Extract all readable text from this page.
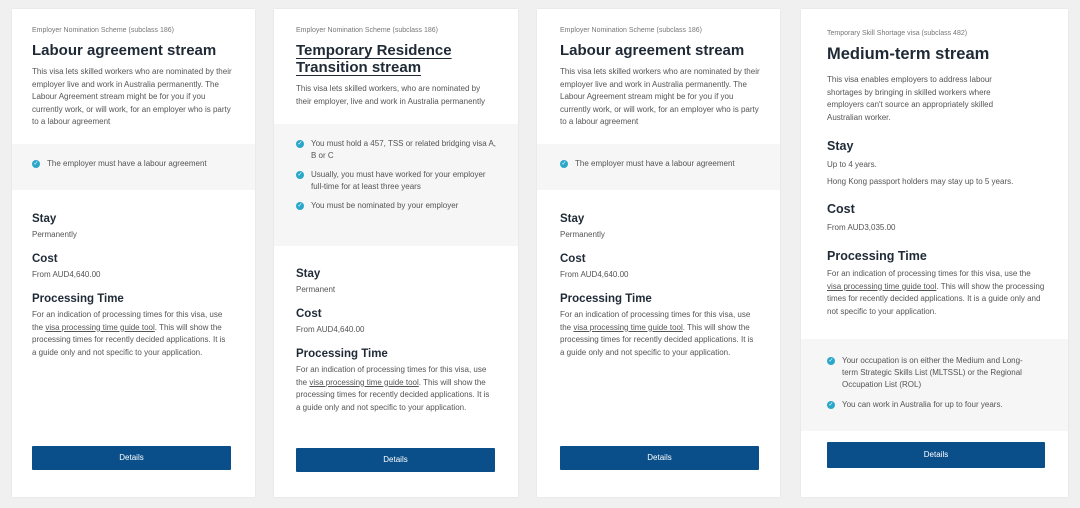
Employer Nomination Scheme (subclass 186)

Labour agreement stream

This visa lets skilled workers who are nominated by their employer live and work in Australia permanently. The Labour Agreement stream might be for you if you currently work, or will work, for an employer who is party to a labour agreement

✓ The employer must have a labour agreement
Stay

Permanently

Cost

From AUD4,640.00

Processing Time

For an indication of processing times for this visa, use the visa processing time guide tool. This will show the processing times for recently decided applications. It is a guide only and not specific to your application.

Details

Employer Nomination Scheme (subclass 186)

Temporary Residence Transition stream

This visa lets skilled workers, who are nominated by their employer, live and work in Australia permanently

✓ You must hold a 457, TSS or related bridging visa A, B or C
✓ Usually, you must have worked for your employer full-time for at least three years
✓ You must be nominated by your employer
Stay

Permanent

Cost

From AUD4,640.00

Processing Time

For an indication of processing times for this visa, use the visa processing time guide tool. This will show the processing times for recently decided applications. It is a guide only and not specific to your application.

Details

Employer Nomination Scheme (subclass 186)

Labour agreement stream

This visa lets skilled workers who are nominated by their employer live and work in Australia permanently. The Labour Agreement stream might be for you if you currently work, or will work, for an employer who is party to a labour agreement

✓ The employer must have a labour agreement
Stay

Permanently

Cost

From AUD4,640.00

Processing Time

For an indication of processing times for this visa, use the visa processing time guide tool. This will show the processing times for recently decided applications. It is a guide only and not specific to your application.

Details

Temporary Skill Shortage visa (subclass 482)

Medium-term stream

This visa enables employers to address labour shortages by bringing in skilled workers where employers can't source an appropriately skilled Australian worker.

Stay

Up to 4 years.

Hong Kong passport holders may stay up to 5 years.

Cost

From AUD3,035.00

Processing Time

For an indication of processing times for this visa, use the visa processing time guide tool. This will show the processing times for recently decided applications. It is a guide only and not specific to your application.

✓ Your occupation is on either the Medium and Long-term Strategic Skills List (MLTSSL) or the Regional Occupation List (ROL)
✓ You can work in Australia for up to four years.
Details
